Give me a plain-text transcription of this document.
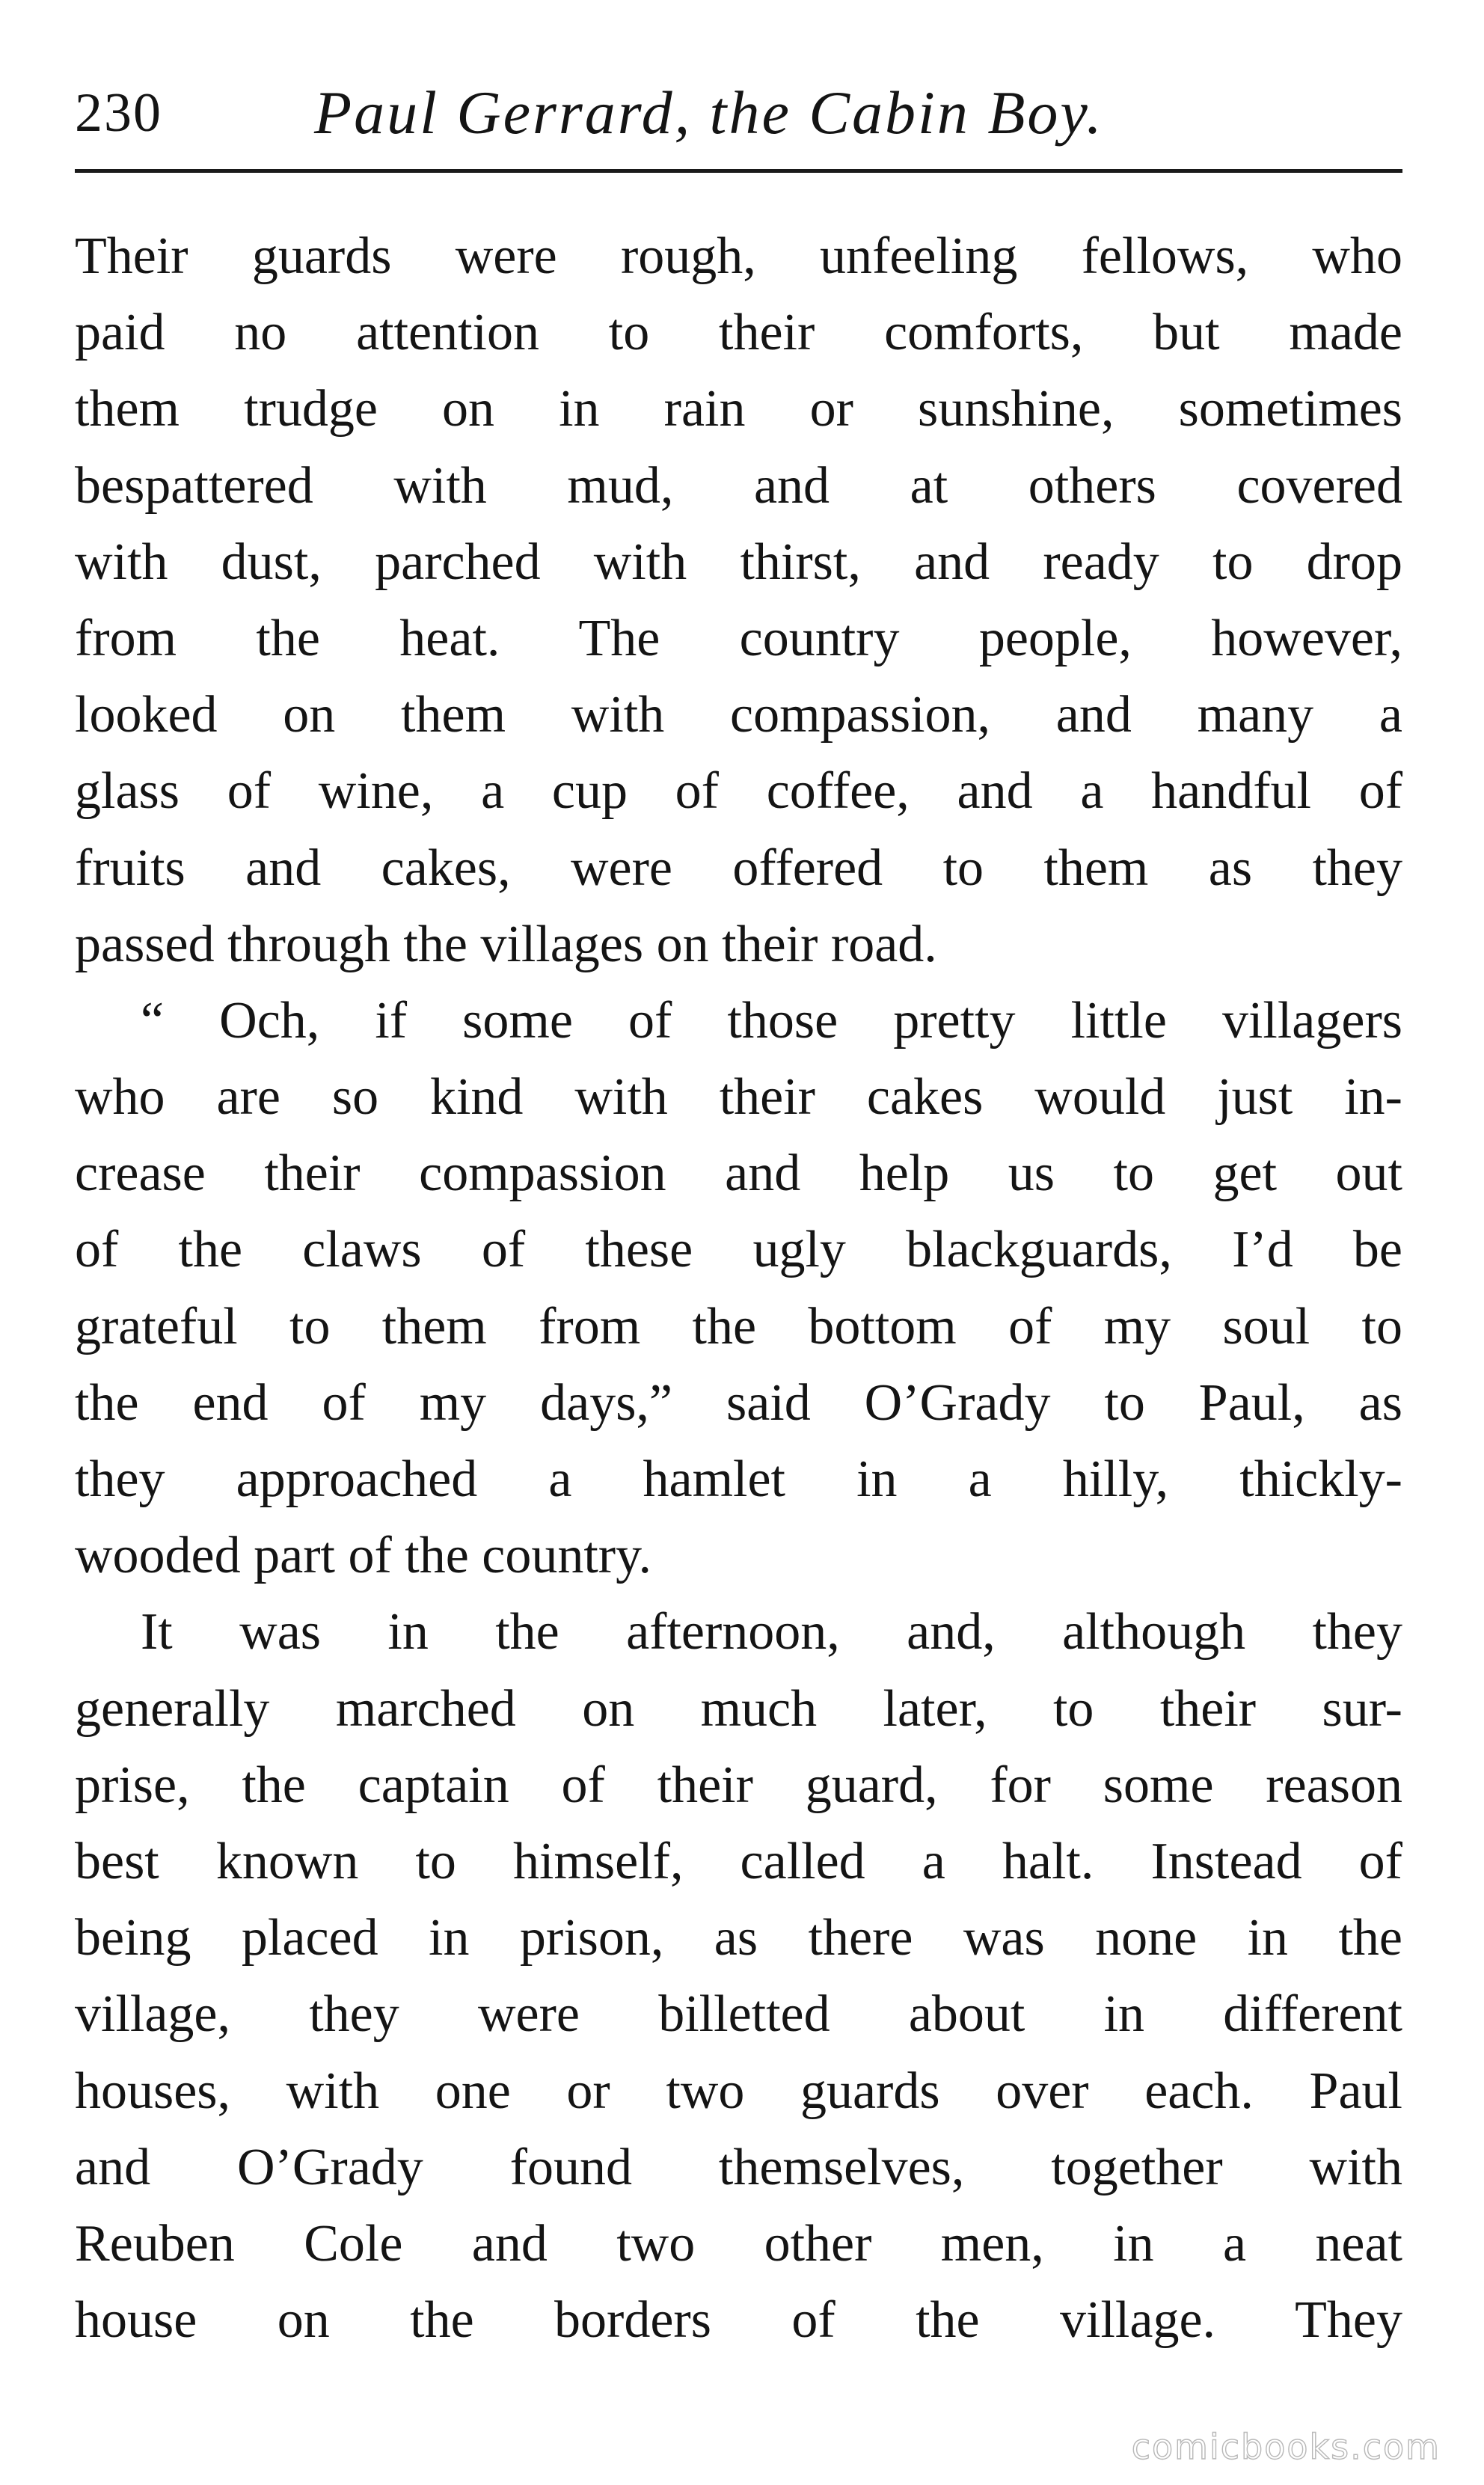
230 Paul Gerrard, the Cabin Boy.
Their guards were rough, unfeeling fellows, who
paid no attention to their comforts, but made
them trudge on in rain or sunshine, sometimes
bespattered with mud, and at others covered
with dust, parched with thirst, and ready to drop
from the heat. The country people, however,
looked on them with compassion, and many a
glass of wine, a cup of coffee, and a handful of
fruits and cakes, were offered to them as they
passed through the villages on their road.
“ Och, if some of those pretty little villagers
who are so kind with their cakes would just in-
crease their compassion and help us to get out
of the claws of these ugly blackguards, I’d be
grateful to them from the bottom of my soul to
the end of my days,” said O’Grady to Paul, as
they approached a hamlet in a hilly, thickly-
wooded part of the country.
It was in the afternoon, and, although they
generally marched on much later, to their sur-
prise, the captain of their guard, for some reason
best known to himself, called a halt. Instead of
being placed in prison, as there was none in the
village, they were billetted about in different
houses, with one or two guards over each. Paul
and O’Grady found themselves, together with
Reuben Cole and two other men, in a neat
house on the borders of the village. They
comicbooks.com
